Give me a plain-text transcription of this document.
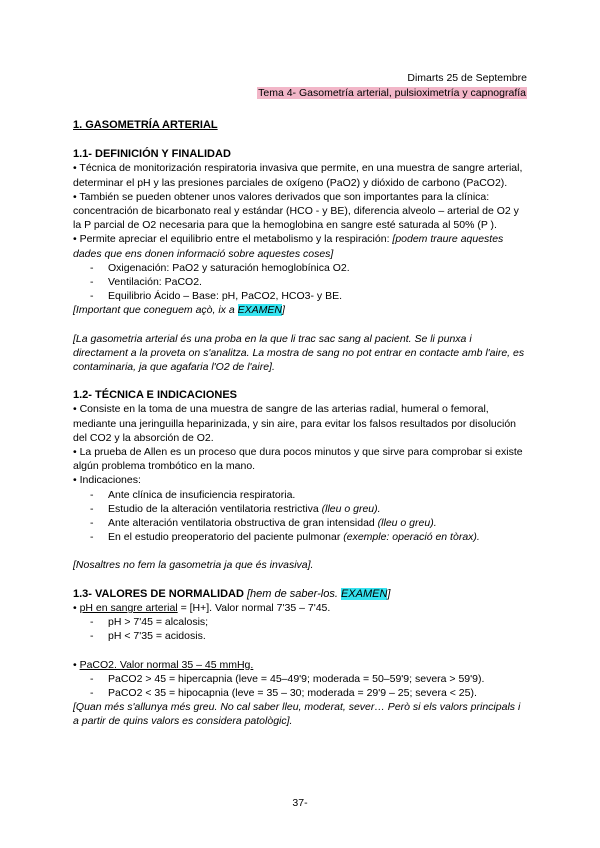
Dimarts 25 de Septembre
Tema 4- Gasometría arterial, pulsioximetría y capnografía
1. GASOMETRÍA ARTERIAL
1.1- DEFINICIÓN Y FINALIDAD

• Técnica de monitorización respiratoria invasiva que permite, en una muestra de sangre arterial, determinar el pH y las presiones parciales de oxígeno (PaO2) y dióxido de carbono (PaCO2).

• También se pueden obtener unos valores derivados que son importantes para la clínica: concentración de bicarbonato real y estándar (HCO - y BE), diferencia alveolo – arterial de O2 y la P parcial de O2 necesaria para que la hemoglobina en sangre esté saturada al 50% (P ).

• Permite apreciar el equilibrio entre el metabolismo y la respiración: [podem traure aquestes dades que ens donen informació sobre aquestes coses]

- Oxigenación: PaO2 y saturación hemoglobínica O2.

- Ventilación: PaCO2.

- Equilibrio Ácido – Base: pH, PaCO2, HCO3- y BE.

[Important que coneguem açò, ix a EXAMEN]

[La gasometria arterial és una proba en la que li trac sac sang al pacient. Se li punxa i directament a la proveta on s'analitza. La mostra de sang no pot entrar en contacte amb l'aire, es contaminaria, ja que agafaria l'O2 de l'aire].

1.2- TÉCNICA E INDICACIONES

• Consiste en la toma de una muestra de sangre de las arterias radial, humeral o femoral, mediante una jeringuilla heparinizada, y sin aire, para evitar los falsos resultados por disolución del CO2 y la absorción de O2.

• La prueba de Allen es un proceso que dura pocos minutos y que sirve para comprobar si existe algún problema trombótico en la mano.

• Indicaciones:

- Ante clínica de insuficiencia respiratoria.

- Estudio de la alteración ventilatoria restrictiva (lleu o greu).

- Ante alteración ventilatoria obstructiva de gran intensidad (lleu o greu).

- En el estudio preoperatorio del paciente pulmonar (exemple: operació en tòrax).

[Nosaltres no fem la gasometria ja que és invasiva].

1.3- VALORES DE NORMALIDAD [hem de saber-los. EXAMEN]

• pH en sangre arterial = [H+]. Valor normal 7'35 – 7'45.

- pH > 7'45 = alcalosis;

- pH < 7'35 = acidosis.

• PaCO2. Valor normal 35 – 45 mmHg.

- PaCO2 > 45 = hipercapnia (leve = 45–49'9; moderada = 50–59'9; severa > 59'9).

- PaCO2 < 35 = hipocapnia (leve = 35 – 30; moderada = 29'9 – 25; severa < 25).

[Quan més s'allunya més greu. No cal saber lleu, moderat, sever… Però si els valors principals i a partir de quins valors es considera patològic].

37-
